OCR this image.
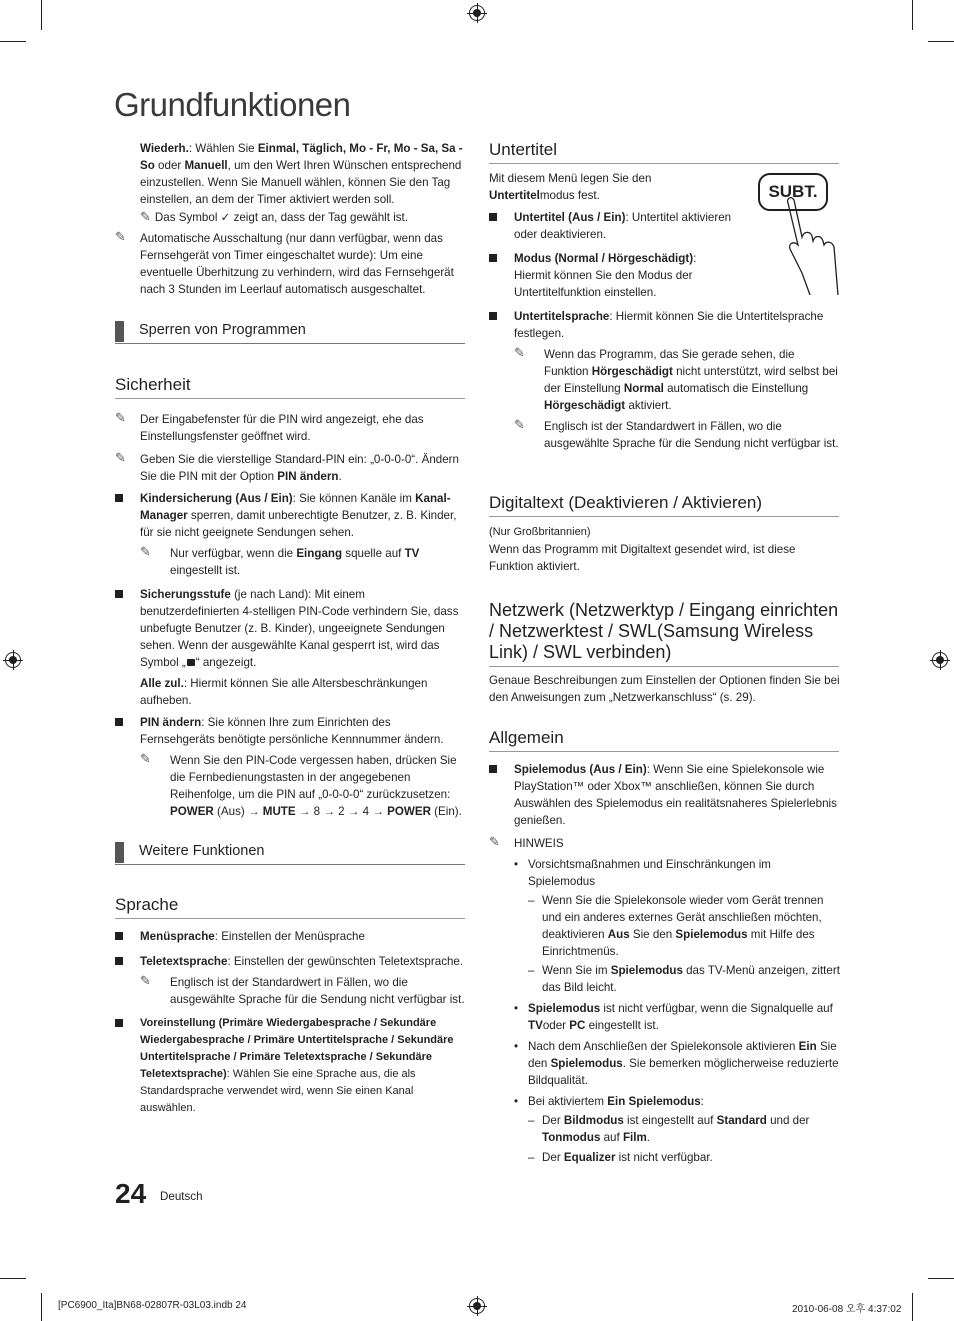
Grundfunktionen

Wiederh.: Wählen Sie Einmal, Täglich, Mo - Fr, Mo - Sa, Sa - So oder Manuell, um den Wert Ihren Wünschen entsprechend einzustellen. Wenn Sie Manuell wählen, können Sie den Tag einstellen, an dem der Timer aktiviert werden soll.

✎ Das Symbol ✓ zeigt an, dass der Tag gewählt ist.

✎ Automatische Ausschaltung (nur dann verfügbar, wenn das Fernsehgerät von Timer eingeschaltet wurde): Um eine eventuelle Überhitzung zu verhindern, wird das Fernsehgerät nach 3 Stunden im Leerlauf automatisch ausgeschaltet.

Sperren von Programmen
Sicherheit

✎ Der Eingabefenster für die PIN wird angezeigt, ehe das Einstellungsfenster geöffnet wird.

✎ Geben Sie die vierstellige Standard-PIN ein: „0-0-0-0“. Ändern Sie die PIN mit der Option PIN ändern.

Kindersicherung (Aus / Ein): Sie können Kanäle im Kanal-Manager sperren, damit unberechtigte Benutzer, z. B. Kinder, für sie nicht geeignete Sendungen sehen.

✎ Nur verfügbar, wenn die Eingang squelle auf TV eingestellt ist.

Sicherungsstufe (je nach Land): Mit einem benutzerdefinierten 4-stelligen PIN-Code verhindern Sie, dass unbefugte Benutzer (z. B. Kinder), ungeeignete Sendungen sehen. Wenn der ausgewählte Kanal gesperrt ist, wird das Symbol „ “ angezeigt.

Alle zul.: Hiermit können Sie alle Altersbeschränkungen aufheben.

PIN ändern: Sie können Ihre zum Einrichten des Fernsehgeräts benötigte persönliche Kennnummer ändern.

✎ Wenn Sie den PIN-Code vergessen haben, drücken Sie die Fernbedienungstasten in der angegebenen Reihenfolge, um die PIN auf „0-0-0-0“ zurückzusetzen: POWER (Aus) → MUTE → 8 → 2 → 4 → POWER (Ein).

Weitere Funktionen
Sprache

Menüsprache: Einstellen der Menüsprache

Teletextsprache: Einstellen der gewünschten Teletextsprache.

✎ Englisch ist der Standardwert in Fällen, wo die ausgewählte Sprache für die Sendung nicht verfügbar ist.

Voreinstellung (Primäre Wiedergabesprache / Sekundäre Wiedergabesprache / Primäre Untertitelsprache / Sekundäre Untertitelsprache / Primäre Teletextsprache / Sekundäre Teletextsprache): Wählen Sie eine Sprache aus, die als Standardsprache verwendet wird, wenn Sie einen Kanal auswählen.

Untertitel
SUBT.

Mit diesem Menü legen Sie den Untertitelmodus fest.

Untertitel (Aus / Ein): Untertitel aktivieren oder deaktivieren.

Modus (Normal / Hörgeschädigt): Hiermit können Sie den Modus der Untertitelfunktion einstellen.

Untertitelsprache: Hiermit können Sie die Untertitelsprache festlegen.

✎ Wenn das Programm, das Sie gerade sehen, die Funktion Hörgeschädigt nicht unterstützt, wird selbst bei der Einstellung Normal automatisch die Einstellung Hörgeschädigt aktiviert.

✎ Englisch ist der Standardwert in Fällen, wo die ausgewählte Sprache für die Sendung nicht verfügbar ist.

Digitaltext (Deaktivieren / Aktivieren)

(Nur Großbritannien)

Wenn das Programm mit Digitaltext gesendet wird, ist diese Funktion aktiviert.

Netzwerk (Netzwerktyp / Eingang einrichten / Netzwerktest / SWL(Samsung Wireless Link) / SWL verbinden)

Genaue Beschreibungen zum Einstellen der Optionen finden Sie bei den Anweisungen zum „Netzwerkanschluss“ (s. 29).

Allgemein

Spielemodus (Aus / Ein): Wenn Sie eine Spielekonsole wie PlayStation™ oder Xbox™ anschließen, können Sie durch Auswählen des Spielemodus ein realitätsnaheres Spielerlebnis genießen.

✎ HINWEIS

• Vorsichtsmaßnahmen und Einschränkungen im Spielemodus

– Wenn Sie die Spielekonsole wieder vom Gerät trennen und ein anderes externes Gerät anschließen möchten, deaktivieren Aus Sie den Spielemodus mit Hilfe des Einrichtmenüs.

– Wenn Sie im Spielemodus das TV-Menü anzeigen, zittert das Bild leicht.

• Spielemodus ist nicht verfügbar, wenn die Signalquelle auf TVoder PC eingestellt ist.

• Nach dem Anschließen der Spielekonsole aktivieren Ein Sie den Spielemodus. Sie bemerken möglicherweise reduzierte Bildqualität.

• Bei aktiviertem Ein Spielemodus:

– Der Bildmodus ist eingestellt auf Standard und der Tonmodus auf Film.

– Der Equalizer ist nicht verfügbar.

24 Deutsch
[PC6900_Ita]BN68-02807R-03L03.indb 24	2010-06-08 오후 4:37:02
